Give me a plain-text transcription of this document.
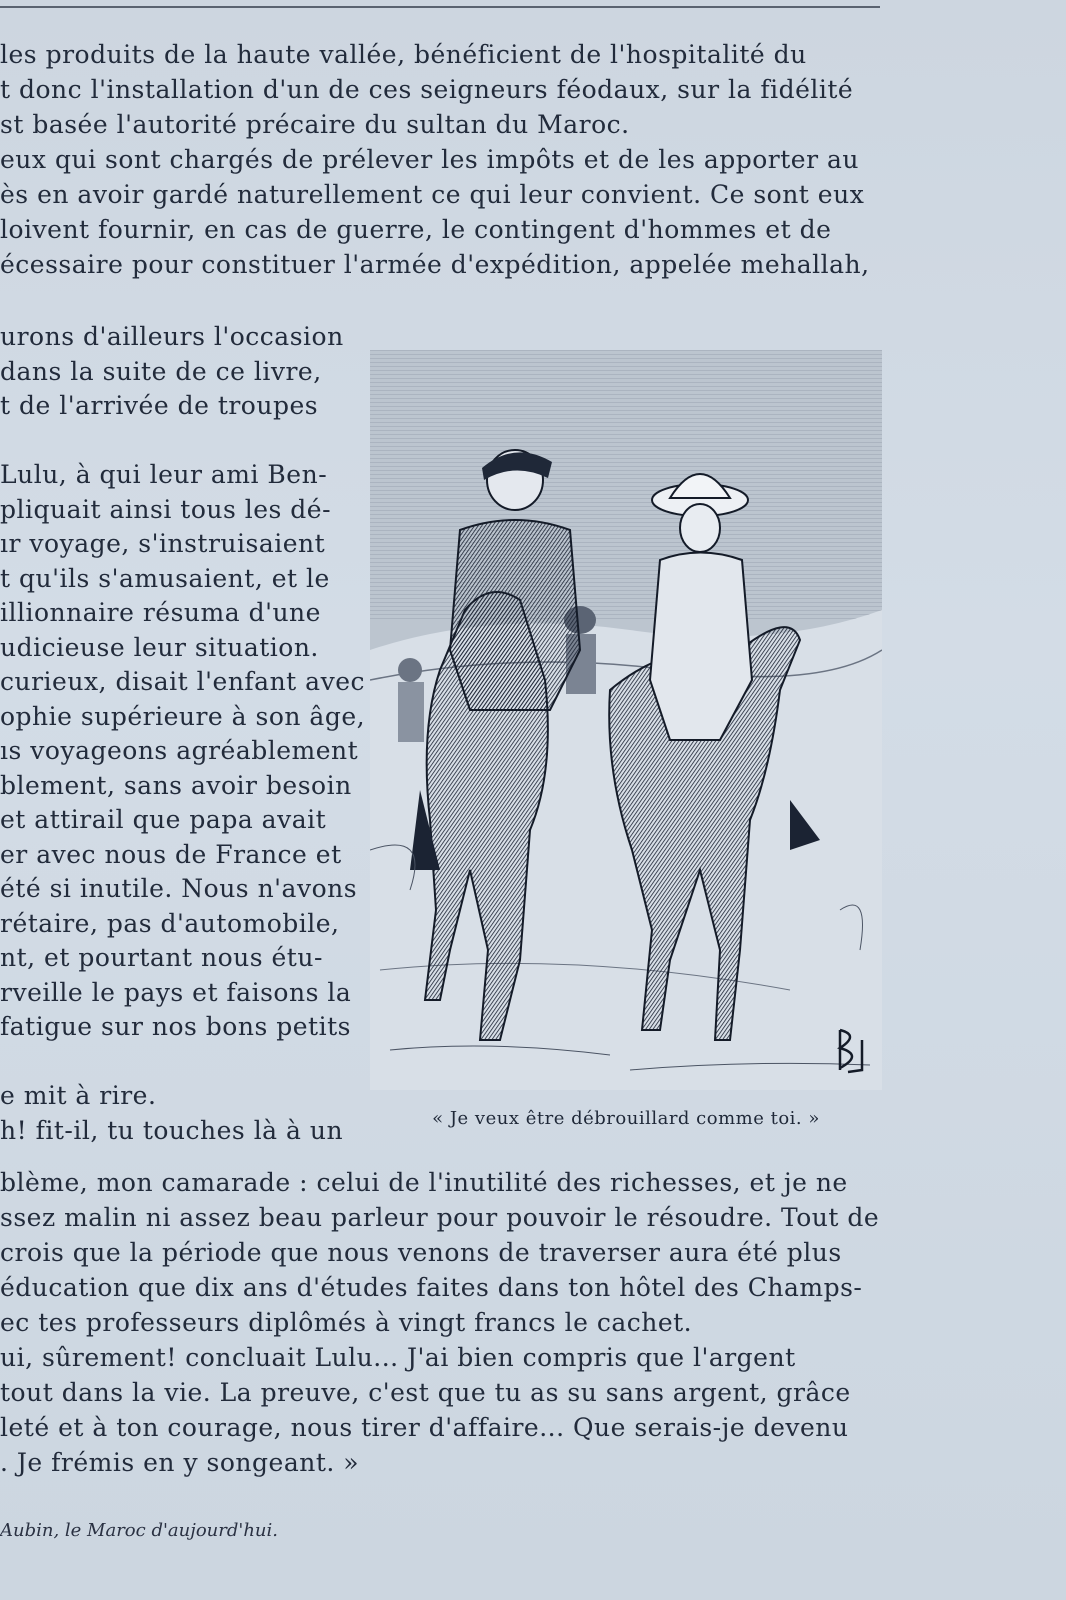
les produits de la haute vallée, bénéficient de l'hospitalité du
t donc l'installation d'un de ces seigneurs féodaux, sur la fidélité
st basée l'autorité précaire du sultan du Maroc.
eux qui sont chargés de prélever les impôts et de les apporter au
ès en avoir gardé naturellement ce qui leur convient. Ce sont eux
loivent fournir, en cas de guerre, le contingent d'hommes et de
écessaire pour constituer l'armée d'expédition, appelée mehallah,
urons d'ailleurs l'occasion
dans la suite de ce livre,
t de l'arrivée de troupes
Lulu, à qui leur ami Ben-
pliquait ainsi tous les dé-
ır voyage, s'instruisaient
t qu'ils s'amusaient, et le
illionnaire résuma d'une
udicieuse leur situation.
curieux, disait l'enfant avec
ophie supérieure à son âge,
ıs voyageons agréablement
blement, sans avoir besoin
et attirail que papa avait
er avec nous de France et
été si inutile. Nous n'avons
rétaire, pas d'automobile,
nt, et pourtant nous étu-
rveille le pays et faisons la
fatigue sur nos bons petits
e mit à rire.
h! fit-il, tu touches là à un	« Je veux être débrouillard comme toi. »
blème, mon camarade : celui de l'inutilité des richesses, et je ne
ssez malin ni assez beau parleur pour pouvoir le résoudre. Tout de
crois que la période que nous venons de traverser aura été plus
éducation que dix ans d'études faites dans ton hôtel des Champs-
ec tes professeurs diplômés à vingt francs le cachet.
ui, sûrement! concluait Lulu... J'ai bien compris que l'argent
tout dans la vie. La preuve, c'est que tu as su sans argent, grâce
leté et à ton courage, nous tirer d'affaire... Que serais-je devenu
. Je frémis en y songeant. »
Aubin, le Maroc d'aujourd'hui.
